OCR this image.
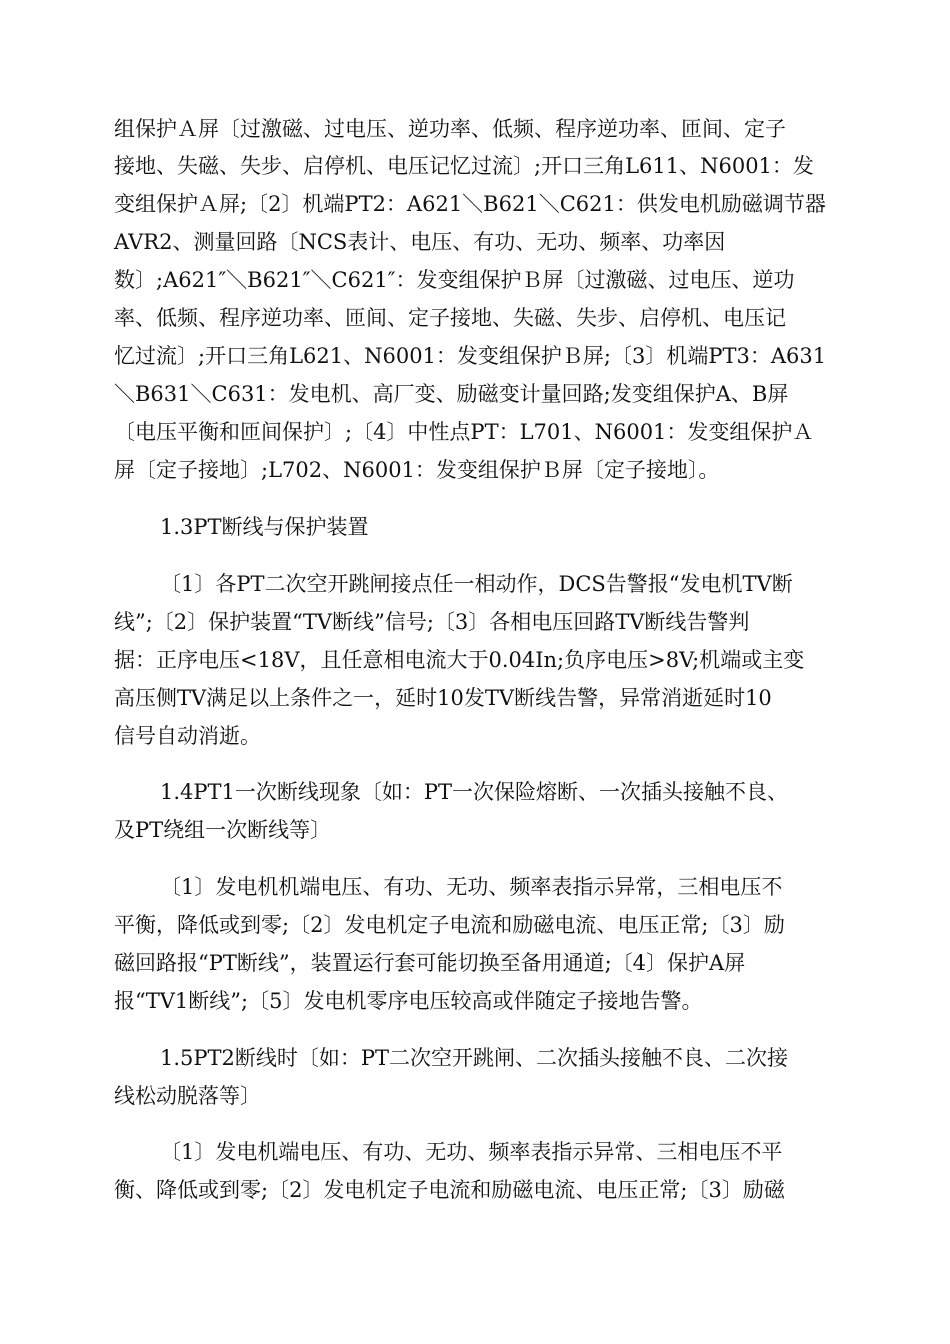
组保护Ａ屏〔过激磁、过电压、逆功率、低频、程序逆功率、匝间、定子
接地、失磁、失步、启停机、电压记忆过流〕;开口三角L611、N6001：发
变组保护Ａ屏;〔2〕机端PT2：A621＼B621＼C621：供发电机励磁调节器
AVR2、测量回路〔NCS表计、电压、有功、无功、频率、功率因
数〕;A621″＼B621″＼C621″：发变组保护Ｂ屏〔过激磁、过电压、逆功
率、低频、程序逆功率、匝间、定子接地、失磁、失步、启停机、电压记
忆过流〕;开口三角L621、N6001：发变组保护Ｂ屏;〔3〕机端PT3：A631
＼B631＼C631：发电机、高厂变、励磁变计量回路;发变组保护A、B屏
〔电压平衡和匝间保护〕;〔4〕中性点PT：L701、N6001：发变组保护Ａ
屏〔定子接地〕;L702、N6001：发变组保护Ｂ屏〔定子接地〕。
1.3PT断线与保护装置
〔1〕各PT二次空开跳闸接点任一相动作，DCS告警报“发电机TV断
线”;〔2〕保护装置“TV断线”信号;〔3〕各相电压回路TV断线告警判
据：正序电压<18V，且任意相电流大于0.04In;负序电压>8V;机端或主变
高压侧TV满足以上条件之一，延时10发TV断线告警，异常消逝延时10
信号自动消逝。
1.4PT1一次断线现象〔如：PT一次保险熔断、一次插头接触不良、
及PT绕组一次断线等〕
〔1〕发电机机端电压、有功、无功、频率表指示异常，三相电压不
平衡，降低或到零;〔2〕发电机定子电流和励磁电流、电压正常;〔3〕励
磁回路报“PT断线”，装置运行套可能切换至备用通道;〔4〕保护A屏
报“TV1断线”;〔5〕发电机零序电压较高或伴随定子接地告警。
1.5PT2断线时〔如：PT二次空开跳闸、二次插头接触不良、二次接
线松动脱落等〕
〔1〕发电机端电压、有功、无功、频率表指示异常、三相电压不平
衡、降低或到零;〔2〕发电机定子电流和励磁电流、电压正常;〔3〕励磁
